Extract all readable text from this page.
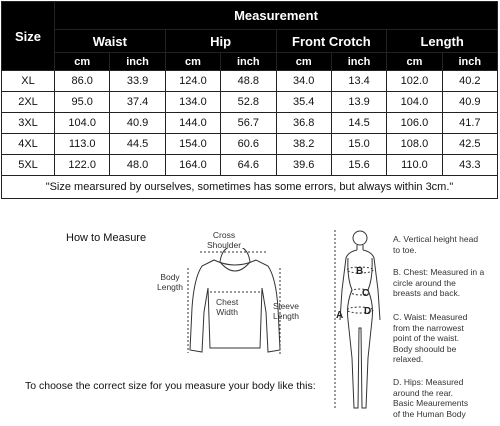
Size	Measurement							
	Waist		Hip		Front Crotch		Length	
	cm	inch	cm	inch	cm	inch	cm	inch
XL	86.0	33.9	124.0	48.8	34.0	13.4	102.0	40.2
2XL	95.0	37.4	134.0	52.8	35.4	13.9	104.0	40.9
3XL	104.0	40.9	144.0	56.7	36.8	14.5	106.0	41.7
4XL	113.0	44.5	154.0	60.6	38.2	15.0	108.0	42.5
5XL	122.0	48.0	164.0	64.6	39.6	15.6	110.0	43.3
"Size mearsured by ourselves, sometimes has some errors, but always within 3cm."								
How to Measure	Cross
Shoulder
Body
Length
Chest
Width
Sleeve
Length	A
B
C
D
A. Vertical height head
to toe.
B. Chest: Measured in a
circle around the
breasts and back.
C. Waist: Measured
from the narrowest
point of the waist.
Body shoould be
relaxed.
D. Hips: Measured
around the rear.
Basic Meaurements
of the Human Body
To choose the correct size for you measure your body like this:
